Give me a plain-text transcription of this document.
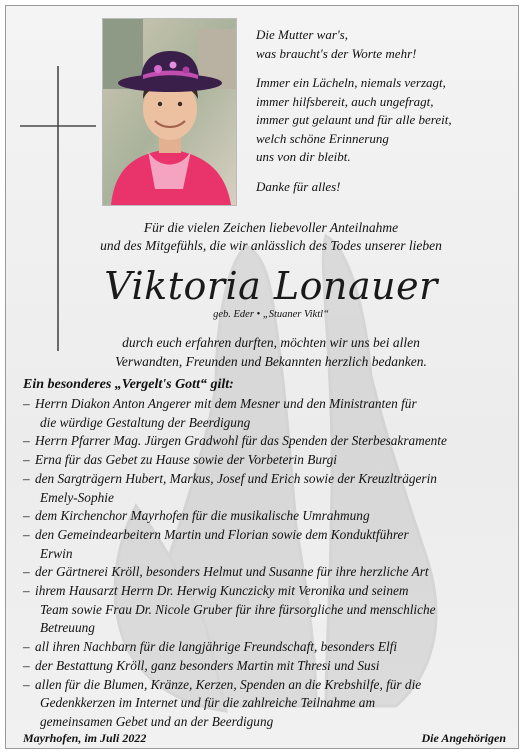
Die Mutter war's,
was braucht's der Worte mehr!
Immer ein Lächeln, niemals verzagt,
immer hilfsbereit, auch ungefragt,
immer gut gelaunt und für alle bereit,
welch schöne Erinnerung
uns von dir bleibt.
Danke für alles!
Für die vielen Zeichen liebevoller Anteilnahme
und des Mitgefühls, die wir anlässlich des Todes unserer lieben
Viktoria Lonauer
geb. Eder • „Stuaner Viktl“
durch euch erfahren durften, möchten wir uns bei allen
Verwandten, Freunden und Bekannten herzlich bedanken.
Ein besonderes „Vergelt's Gott“ gilt:
– Herrn Diakon Anton Angerer mit dem Mesner und den Ministranten für
die würdige Gestaltung der Beerdigung
– Herrn Pfarrer Mag. Jürgen Gradwohl für das Spenden der Sterbesakramente
– Erna für das Gebet zu Hause sowie der Vorbeterin Burgi
– den Sargträgern Hubert, Markus, Josef und Erich sowie der Kreuzlträgerin
Emely-Sophie
– dem Kirchenchor Mayrhofen für die musikalische Umrahmung
– den Gemeindearbeitern Martin und Florian sowie dem Konduktführer
Erwin
– der Gärtnerei Kröll, besonders Helmut und Susanne für ihre herzliche Art
– ihrem Hausarzt Herrn Dr. Herwig Kunczicky mit Veronika und seinem
Team sowie Frau Dr. Nicole Gruber für ihre fürsorgliche und menschliche
Betreuung
– all ihren Nachbarn für die langjährige Freundschaft, besonders Elfi
– der Bestattung Kröll, ganz besonders Martin mit Thresi und Susi
– allen für die Blumen, Kränze, Kerzen, Spenden an die Krebshilfe, für die
Gedenkkerzen im Internet und für die zahlreiche Teilnahme am
gemeinsamen Gebet und an der Beerdigung
Mayrhofen, im Juli 2022	Die Angehörigen
